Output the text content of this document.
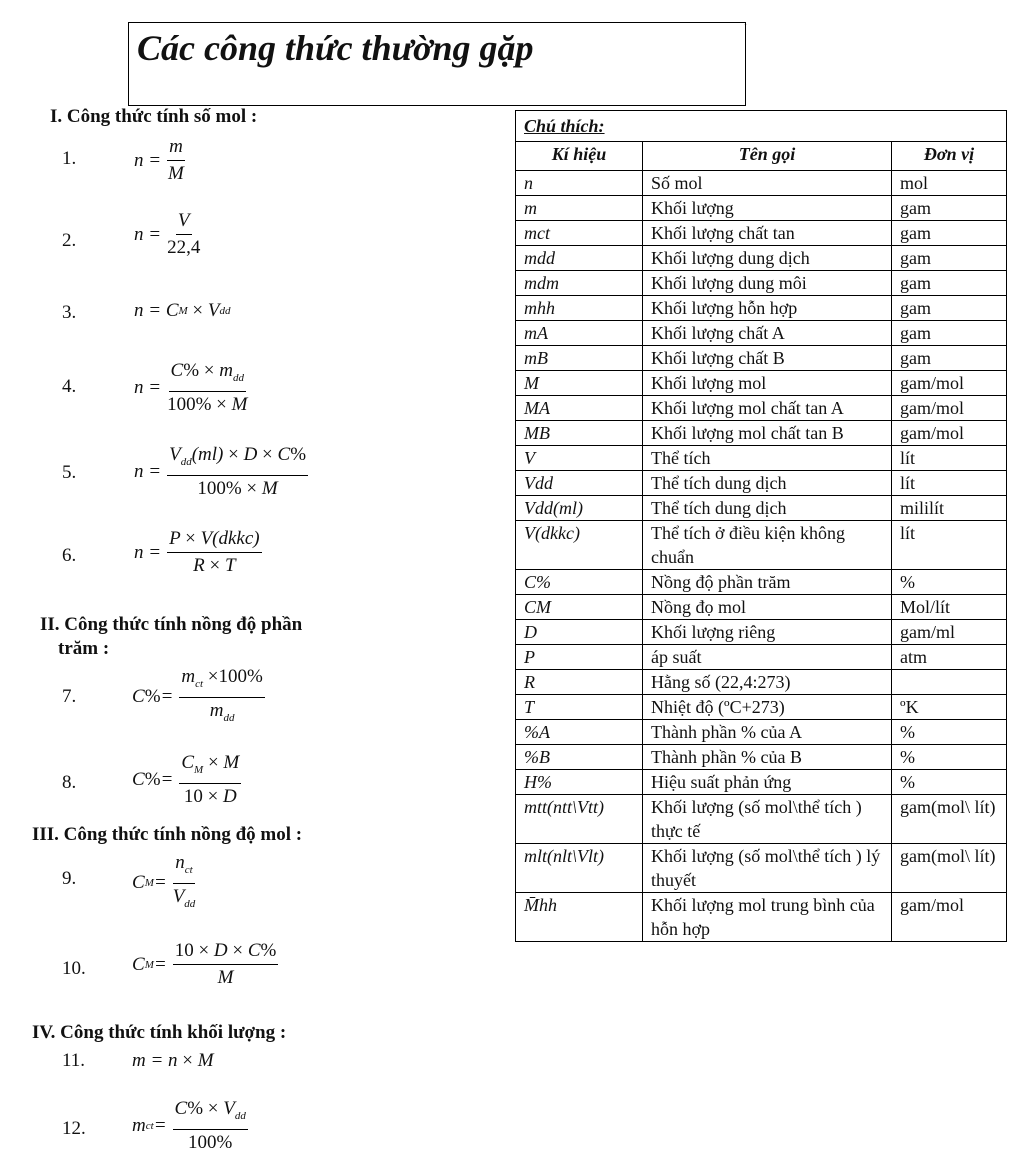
.
Các công thức thường gặp
I. Công thức tính số mol :
1.	$n = \frac{m}{M}$
2.	$n = \frac{V}{22,4}$
3.	n = C M
× V dd
4.	$n = \frac{C\% \times m_{dd}}{100\% \times M}$
5.	$n = \frac{V_{dd}(ml) \times D \times C\%}{100\% \times M}$
6.	$n = \frac{\text{P × V(dkkc)}}{R \times T}$
II. Công thức tính nồng độ phần
trăm :
7.	C % = $\frac{m_{ct} \times 100\%}{m_{dd}}$
8.	C % = $\frac{C_M \times M}{10 \times D}$
III. Công thức tính nồng độ mol :
9.	C $M = \frac{n_{ct}}{V_{dd}}$
10. C $M = \frac{10 \times D \times C\%}{M}$
IV. Công thức tính khối lượng :
11. m = n × M
12. m ct = $\frac{C\% \times V_{dd}}{100\%}$
Chú thích:		
Kí hiệu	Tên gọi	Đơn vị
n	Số mol	mol
m	Khối lượng	gam
mct	Khối lượng chất tan	gam
mdd	Khối lượng dung dịch	gam
mdm	Khối lượng dung môi	gam
mhh	Khối lượng hỗn hợp	gam
mA	Khối lượng chất A	gam
mB	Khối lượng chất B	gam
M	Khối lượng mol	gam/mol
MA	Khối lượng mol chất tan A	gam/mol
MB	Khối lượng mol chất tan B	gam/mol
V	Thể tích	lít
Vdd	Thể tích dung dịch	lít
Vdd(ml)	Thể tích dung dịch	mililít
V(dkkc)	Thể tích ở điều kiện không chuẩn	lít
C%	Nồng độ phần trăm	%
CM	Nồng đọ mol	Mol/lít
D	Khối lượng riêng	gam/ml
P	áp suất	atm
R	Hằng số (22,4:273)	
T	Nhiệt độ (ºC+273)	ºK
%A	Thành phần % của A	%
%B	Thành phần % của B	%
H%	Hiệu suất phản ứng	%
mtt(ntt\Vtt)	Khối lượng (số mol\thể tích ) thực tế	gam(mol\ lít)
mlt(nlt\Vlt)	Khối lượng (số mol\thể tích ) lý thuyết	gam(mol\ lít)
M̄hh	Khối lượng mol trung bình của hỗn hợp	gam/mol
